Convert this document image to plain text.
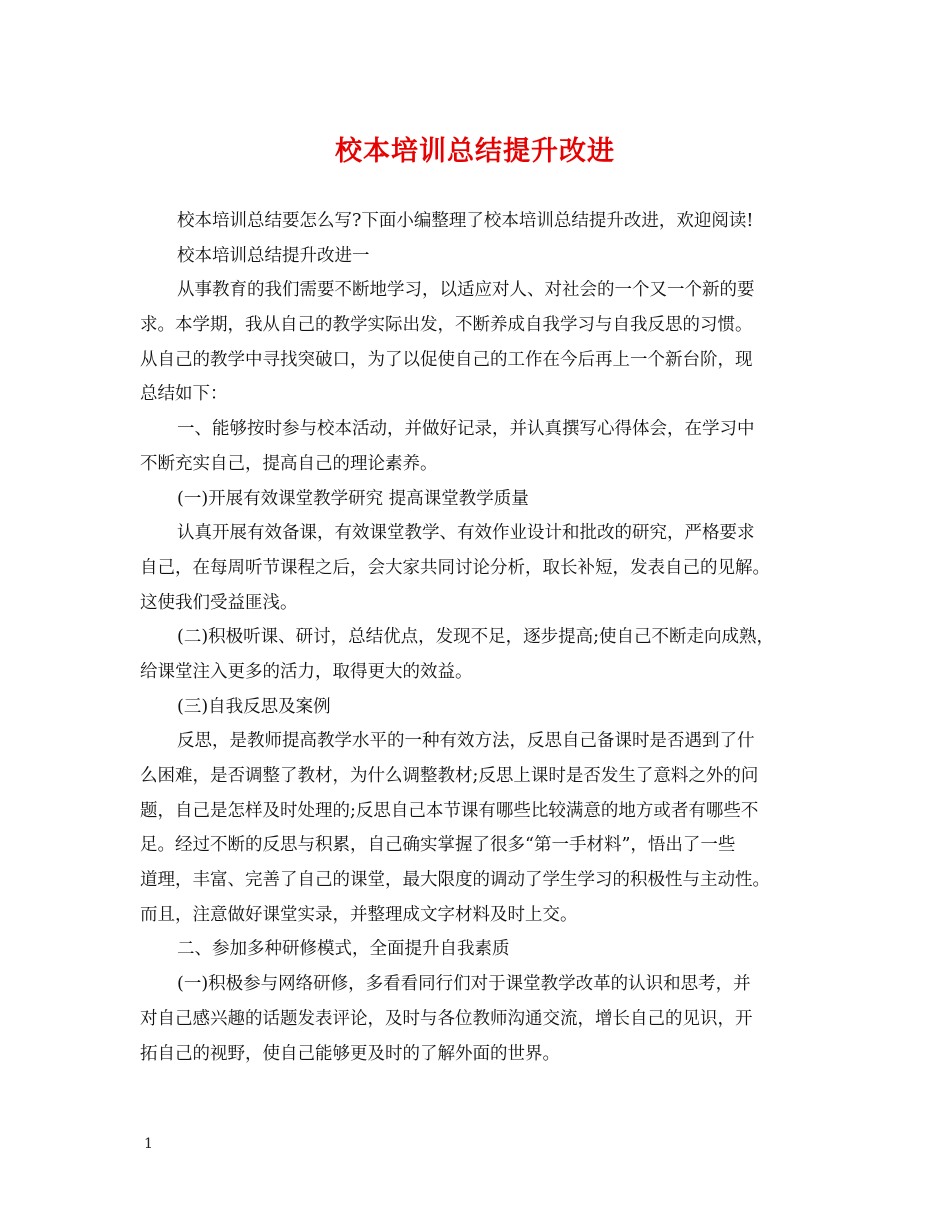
校本培训总结提升改进
校本培训总结要怎么写?下面小编整理了校本培训总结提升改进，欢迎阅读!
校本培训总结提升改进一
从事教育的我们需要不断地学习，以适应对人、对社会的一个又一个新的要
求。本学期，我从自己的教学实际出发，不断养成自我学习与自我反思的习惯。
从自己的教学中寻找突破口，为了以促使自己的工作在今后再上一个新台阶，现
总结如下：
一、能够按时参与校本活动，并做好记录，并认真撰写心得体会，在学习中
不断充实自己，提高自己的理论素养。
(一)开展有效课堂教学研究 提高课堂教学质量
认真开展有效备课，有效课堂教学、有效作业设计和批改的研究，严格要求
自己，在每周听节课程之后，会大家共同讨论分析，取长补短，发表自己的见解。
这使我们受益匪浅。
(二)积极听课、研讨，总结优点，发现不足，逐步提高;使自己不断走向成熟，
给课堂注入更多的活力，取得更大的效益。
(三)自我反思及案例
反思，是教师提高教学水平的一种有效方法，反思自己备课时是否遇到了什
么困难，是否调整了教材，为什么调整教材;反思上课时是否发生了意料之外的问
题，自己是怎样及时处理的;反思自己本节课有哪些比较满意的地方或者有哪些不
足。经过不断的反思与积累，自己确实掌握了很多“第一手材料”，悟出了一些
道理，丰富、完善了自己的课堂，最大限度的调动了学生学习的积极性与主动性。
而且，注意做好课堂实录，并整理成文字材料及时上交。
二、参加多种研修模式，全面提升自我素质
(一)积极参与网络研修，多看看同行们对于课堂教学改革的认识和思考，并
对自己感兴趣的话题发表评论，及时与各位教师沟通交流，增长自己的见识，开
拓自己的视野，使自己能够更及时的了解外面的世界。
1
